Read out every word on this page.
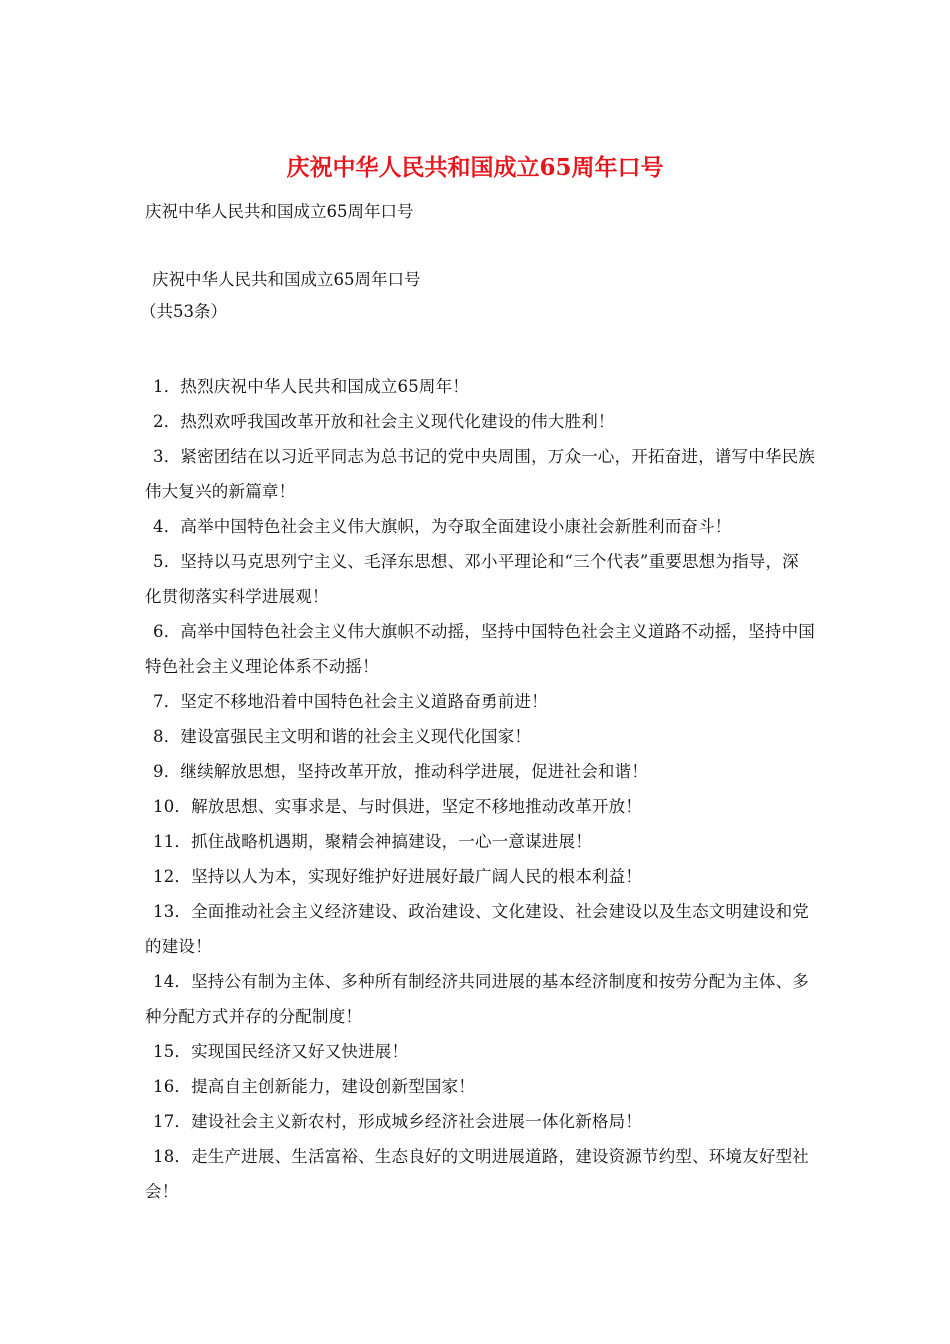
庆祝中华人民共和国成立65周年口号
庆祝中华人民共和国成立65周年口号
庆祝中华人民共和国成立65周年口号
（共53条）
1．热烈庆祝中华人民共和国成立65周年！
2．热烈欢呼我国改革开放和社会主义现代化建设的伟大胜利！
3．紧密团结在以习近平同志为总书记的党中央周围，万众一心，开拓奋进，谱写中华民族伟大复兴的新篇章！
4．高举中国特色社会主义伟大旗帜，为夺取全面建设小康社会新胜利而奋斗！
5．坚持以马克思列宁主义、毛泽东思想、邓小平理论和“三个代表”重要思想为指导，深化贯彻落实科学进展观！
6．高举中国特色社会主义伟大旗帜不动摇，坚持中国特色社会主义道路不动摇，坚持中国特色社会主义理论体系不动摇！
7．坚定不移地沿着中国特色社会主义道路奋勇前进！
8．建设富强民主文明和谐的社会主义现代化国家！
9．继续解放思想，坚持改革开放，推动科学进展，促进社会和谐！
10．解放思想、实事求是、与时俱进，坚定不移地推动改革开放！
11．抓住战略机遇期，聚精会神搞建设，一心一意谋进展！
12．坚持以人为本，实现好维护好进展好最广阔人民的根本利益！
13．全面推动社会主义经济建设、政治建设、文化建设、社会建设以及生态文明建设和党的建设！
14．坚持公有制为主体、多种所有制经济共同进展的基本经济制度和按劳分配为主体、多种分配方式并存的分配制度！
15．实现国民经济又好又快进展！
16．提高自主创新能力，建设创新型国家！
17．建设社会主义新农村，形成城乡经济社会进展一体化新格局！
18．走生产进展、生活富裕、生态良好的文明进展道路，建设资源节约型、环境友好型社会！
